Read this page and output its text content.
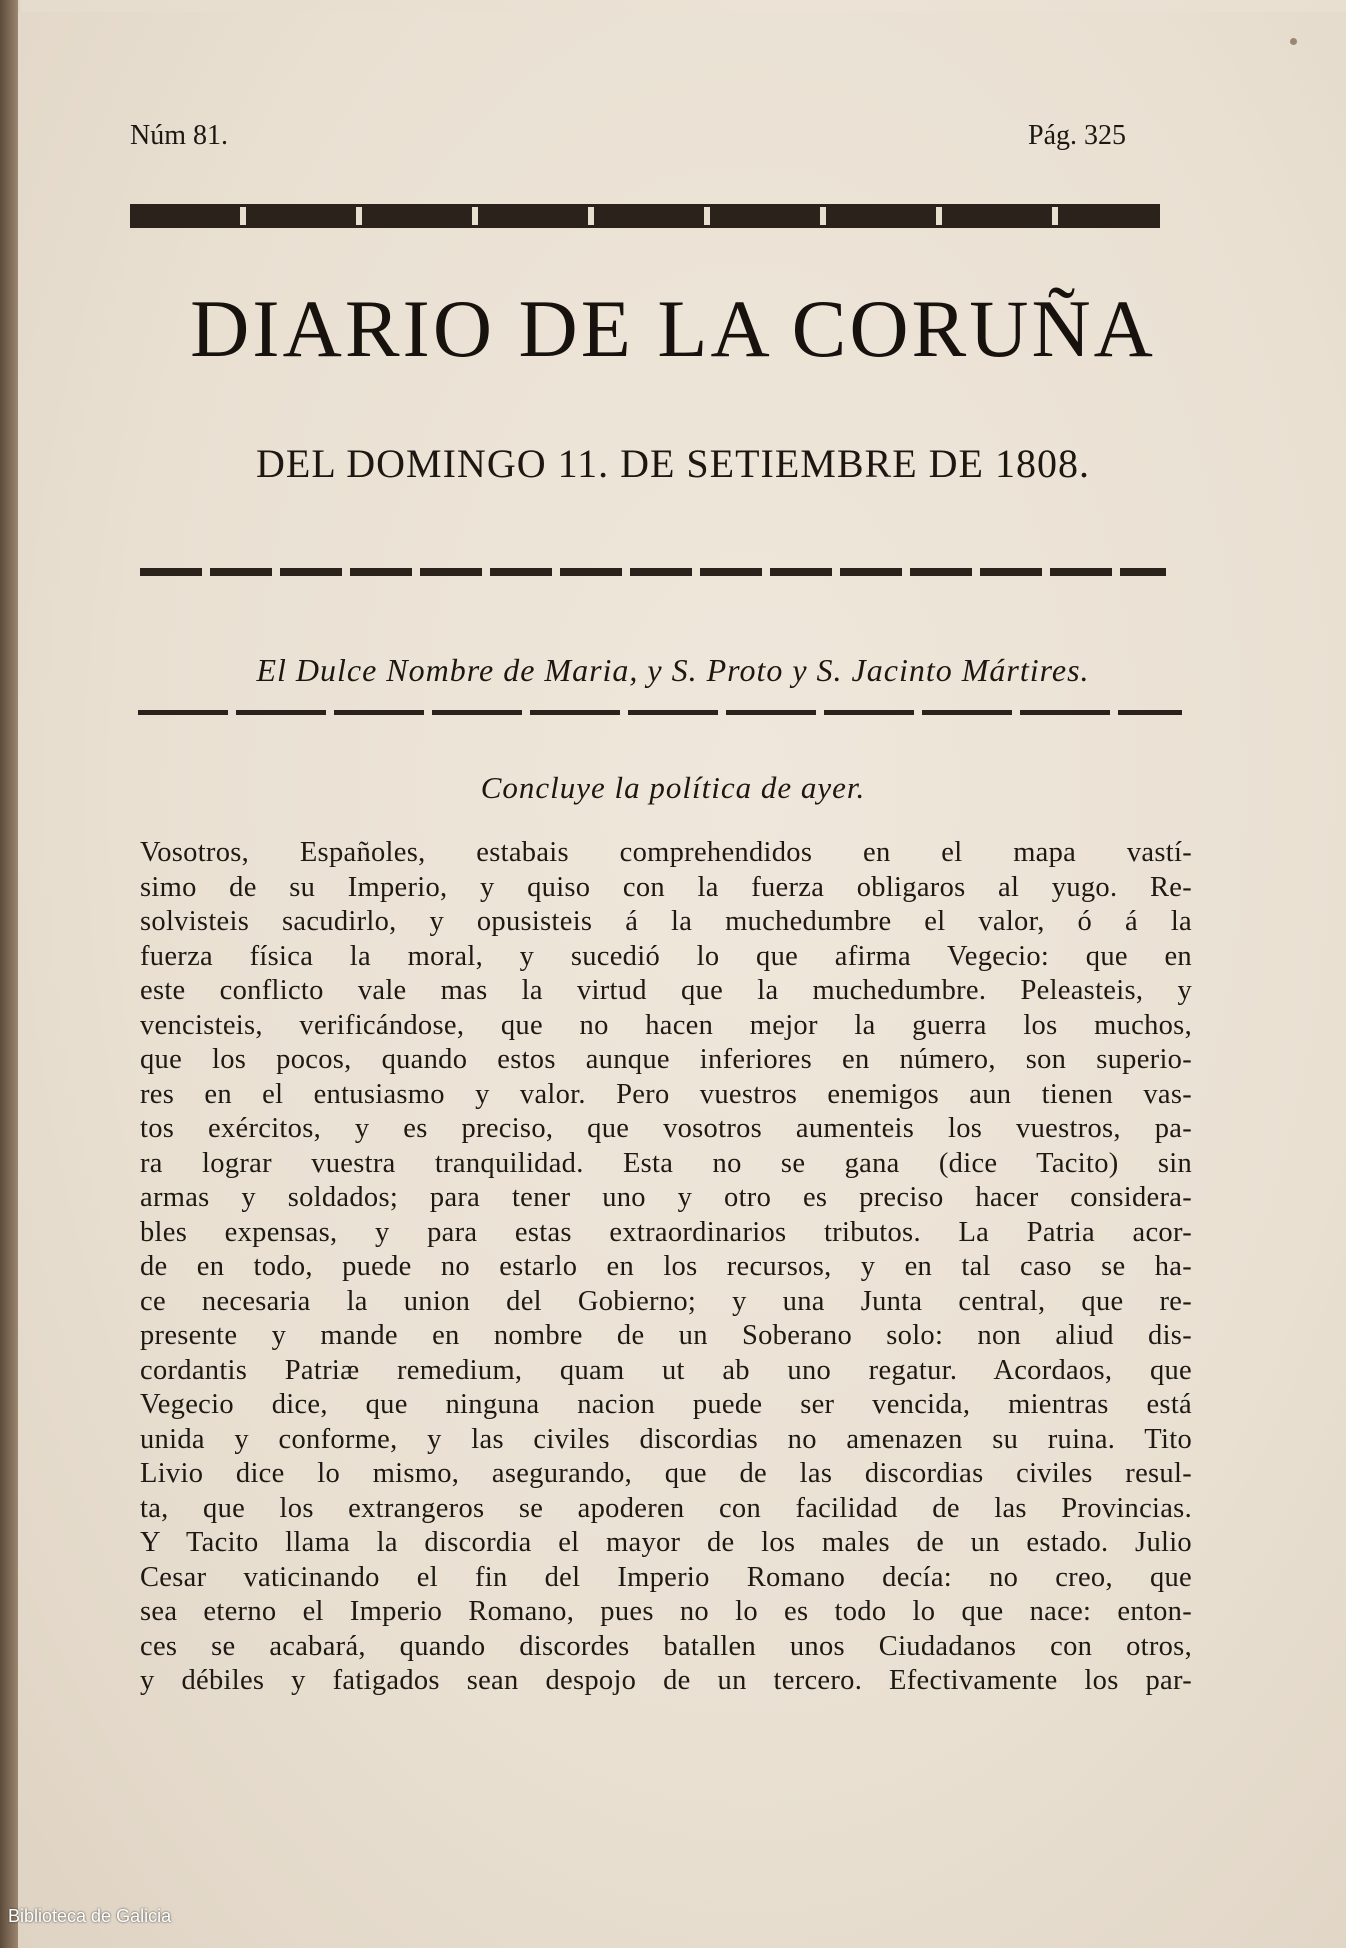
Núm 81.	Pág. 325
DIARIO DE LA CORUÑA
DEL DOMINGO 11. DE SETIEMBRE DE 1808.
El Dulce Nombre de Maria, y S. Proto y S. Jacinto Mártires.
Concluye la política de ayer.
Vosotros, Españoles, estabais comprehendidos en el mapa vastí-
simo de su Imperio, y quiso con la fuerza obligaros al yugo. Re-
solvisteis sacudirlo, y opusisteis á la muchedumbre el valor, ó á la
fuerza física la moral, y sucedió lo que afirma Vegecio: que en
este conflicto vale mas la virtud que la muchedumbre. Peleasteis, y
vencisteis, verificándose, que no hacen mejor la guerra los muchos,
que los pocos, quando estos aunque inferiores en número, son superio-
res en el entusiasmo y valor. Pero vuestros enemigos aun tienen vas-
tos exércitos, y es preciso, que vosotros aumenteis los vuestros, pa-
ra lograr vuestra tranquilidad. Esta no se gana (dice Tacito) sin
armas y soldados; para tener uno y otro es preciso hacer considera-
bles expensas, y para estas extraordinarios tributos. La Patria acor-
de en todo, puede no estarlo en los recursos, y en tal caso se ha-
ce necesaria la union del Gobierno; y una Junta central, que re-
presente y mande en nombre de un Soberano solo: non aliud dis-
cordantis Patriæ remedium, quam ut ab uno regatur. Acordaos, que
Vegecio dice, que ninguna nacion puede ser vencida, mientras está
unida y conforme, y las civiles discordias no amenazen su ruina. Tito
Livio dice lo mismo, asegurando, que de las discordias civiles resul-
ta, que los extrangeros se apoderen con facilidad de las Provincias.
Y Tacito llama la discordia el mayor de los males de un estado. Julio
Cesar vaticinando el fin del Imperio Romano decía: no creo, que
sea eterno el Imperio Romano, pues no lo es todo lo que nace: enton-
ces se acabará, quando discordes batallen unos Ciudadanos con otros,
y débiles y fatigados sean despojo de un tercero. Efectivamente los par-
Biblioteca de Galicia
